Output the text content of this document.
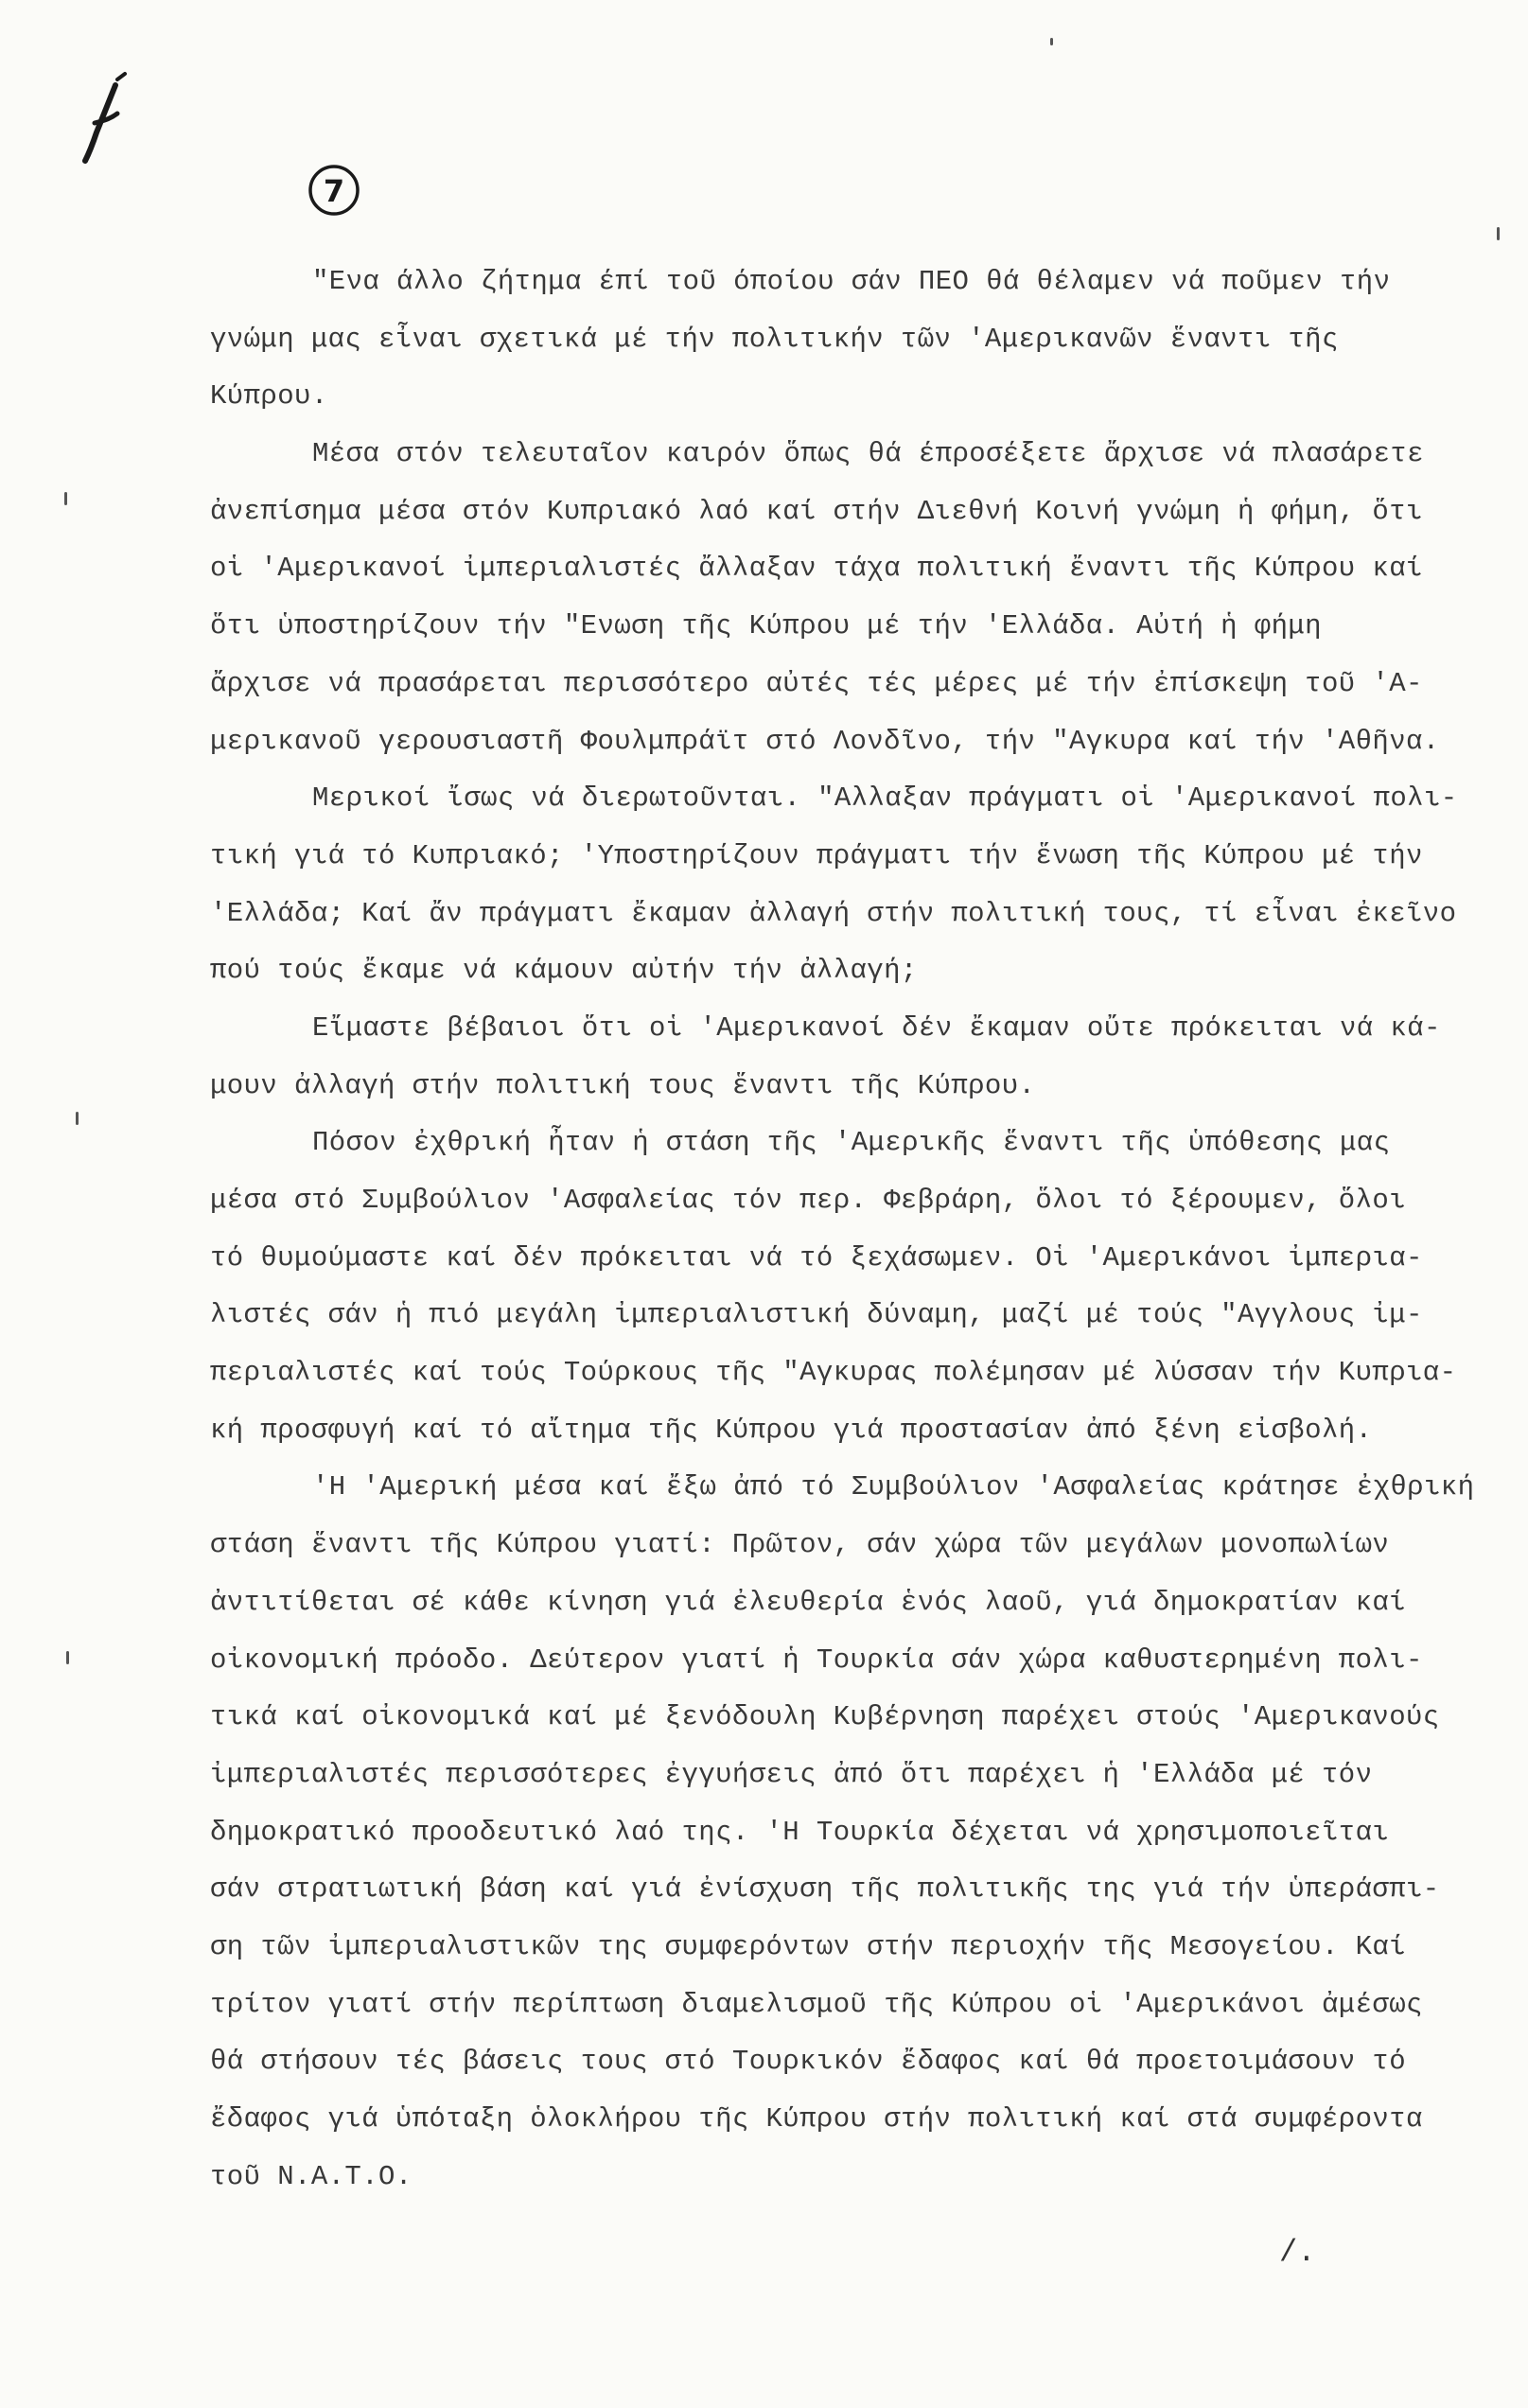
7
"Ενα άλλο ζήτημα έπί τοῦ όποίου σάν ΠΕΟ θά θέλαμεν νά ποῦμεν τήν
γνώμη μας εἶναι σχετικά μέ τήν πολιτικήν τῶν 'Αμερικανῶν ἕναντι τῆς
Κύπρου.
Μέσα στόν τελευταῖον καιρόν ὅπως θά έπροσέξετε ἄρχισε νά πλασάρετε
ἀνεπίσημα μέσα στόν Κυπριακό λαό καί στήν Διεθνή Κοινή γνώμη ἡ φήμη, ὅτι
οἱ 'Αμερικανοί ἰμπεριαλιστές ἄλλαξαν τάχα πολιτική ἔναντι τῆς Κύπρου καί
ὅτι ὑποστηρίζουν τήν "Ενωση τῆς Κύπρου μέ τήν 'Ελλάδα. Αὐτή ἡ φήμη
ἄρχισε νά πρασάρεται περισσότερο αὐτές τές μέρες μέ τήν ἐπίσκεψη τοῦ 'Α-
μερικανοῦ γερουσιαστῆ Φουλμπράϊτ στό Λονδῖνο, τήν "Αγκυρα καί τήν 'Αθῆνα.
Μερικοί ἴσως νά διερωτοῦνται. "Αλλαξαν πράγματι οἱ 'Αμερικανοί πολι-
τική γιά τό Κυπριακό; 'Υποστηρίζουν πράγματι τήν ἕνωση τῆς Κύπρου μέ τήν
'Ελλάδα; Καί ἄν πράγματι ἔκαμαν ἀλλαγή στήν πολιτική τους, τί εἶναι ἐκεῖνο
πού τούς ἔκαμε νά κάμουν αὐτήν τήν ἀλλαγή;
Εἴμαστε βέβαιοι ὅτι οἱ 'Αμερικανοί δέν ἔκαμαν οὔτε πρόκειται νά κά-
μουν ἀλλαγή στήν πολιτική τους ἕναντι τῆς Κύπρου.
Πόσον ἐχθρική ἦταν ἡ στάση τῆς 'Αμερικῆς ἕναντι τῆς ὑπόθεσης μας
μέσα στό Συμβούλιον 'Ασφαλείας τόν περ. Φεβράρη, ὅλοι τό ξέρουμεν, ὅλοι
τό θυμούμαστε καί δέν πρόκειται νά τό ξεχάσωμεν. Οἱ 'Αμερικάνοι ἰμπερια-
λιστές σάν ἡ πιό μεγάλη ἰμπεριαλιστική δύναμη, μαζί μέ τούς "Αγγλους ἰμ-
περιαλιστές καί τούς Τούρκους τῆς "Αγκυρας πολέμησαν μέ λύσσαν τήν Κυπρια-
κή προσφυγή καί τό αἴτημα τῆς Κύπρου γιά προστασίαν ἀπό ξένη εἰσβολή.
'Η 'Αμερική μέσα καί ἔξω ἀπό τό Συμβούλιον 'Ασφαλείας κράτησε ἐχθρική
στάση ἕναντι τῆς Κύπρου γιατί: Πρῶτον, σάν χώρα τῶν μεγάλων μονοπωλίων
ἀντιτίθεται σέ κάθε κίνηση γιά ἐλευθερία ἑνός λαοῦ, γιά δημοκρατίαν καί
οἰκονομική πρόοδο. Δεύτερον γιατί ἡ Τουρκία σάν χώρα καθυστερημένη πολι-
τικά καί οἰκονομικά καί μέ ξενόδουλη Κυβέρνηση παρέχει στούς 'Αμερικανούς
ἰμπεριαλιστές περισσότερες ἐγγυήσεις ἀπό ὅτι παρέχει ἡ 'Ελλάδα μέ τόν
δημοκρατικό προοδευτικό λαό της. 'Η Τουρκία δέχεται νά χρησιμοποιεῖται
σάν στρατιωτική βάση καί γιά ἐνίσχυση τῆς πολιτικῆς της γιά τήν ὑπεράσπι-
ση τῶν ἰμπεριαλιστικῶν της συμφερόντων στήν περιοχήν τῆς Μεσογείου. Καί
τρίτον γιατί στήν περίπτωση διαμελισμοῦ τῆς Κύπρου οἱ 'Αμερικάνοι ἀμέσως
θά στήσουν τές βάσεις τους στό Τουρκικόν ἔδαφος καί θά προετοιμάσουν τό
ἔδαφος γιά ὑπόταξη ὁλοκλήρου τῆς Κύπρου στήν πολιτική καί στά συμφέροντα
τοῦ Ν.Α.Τ.Ο.
/.
